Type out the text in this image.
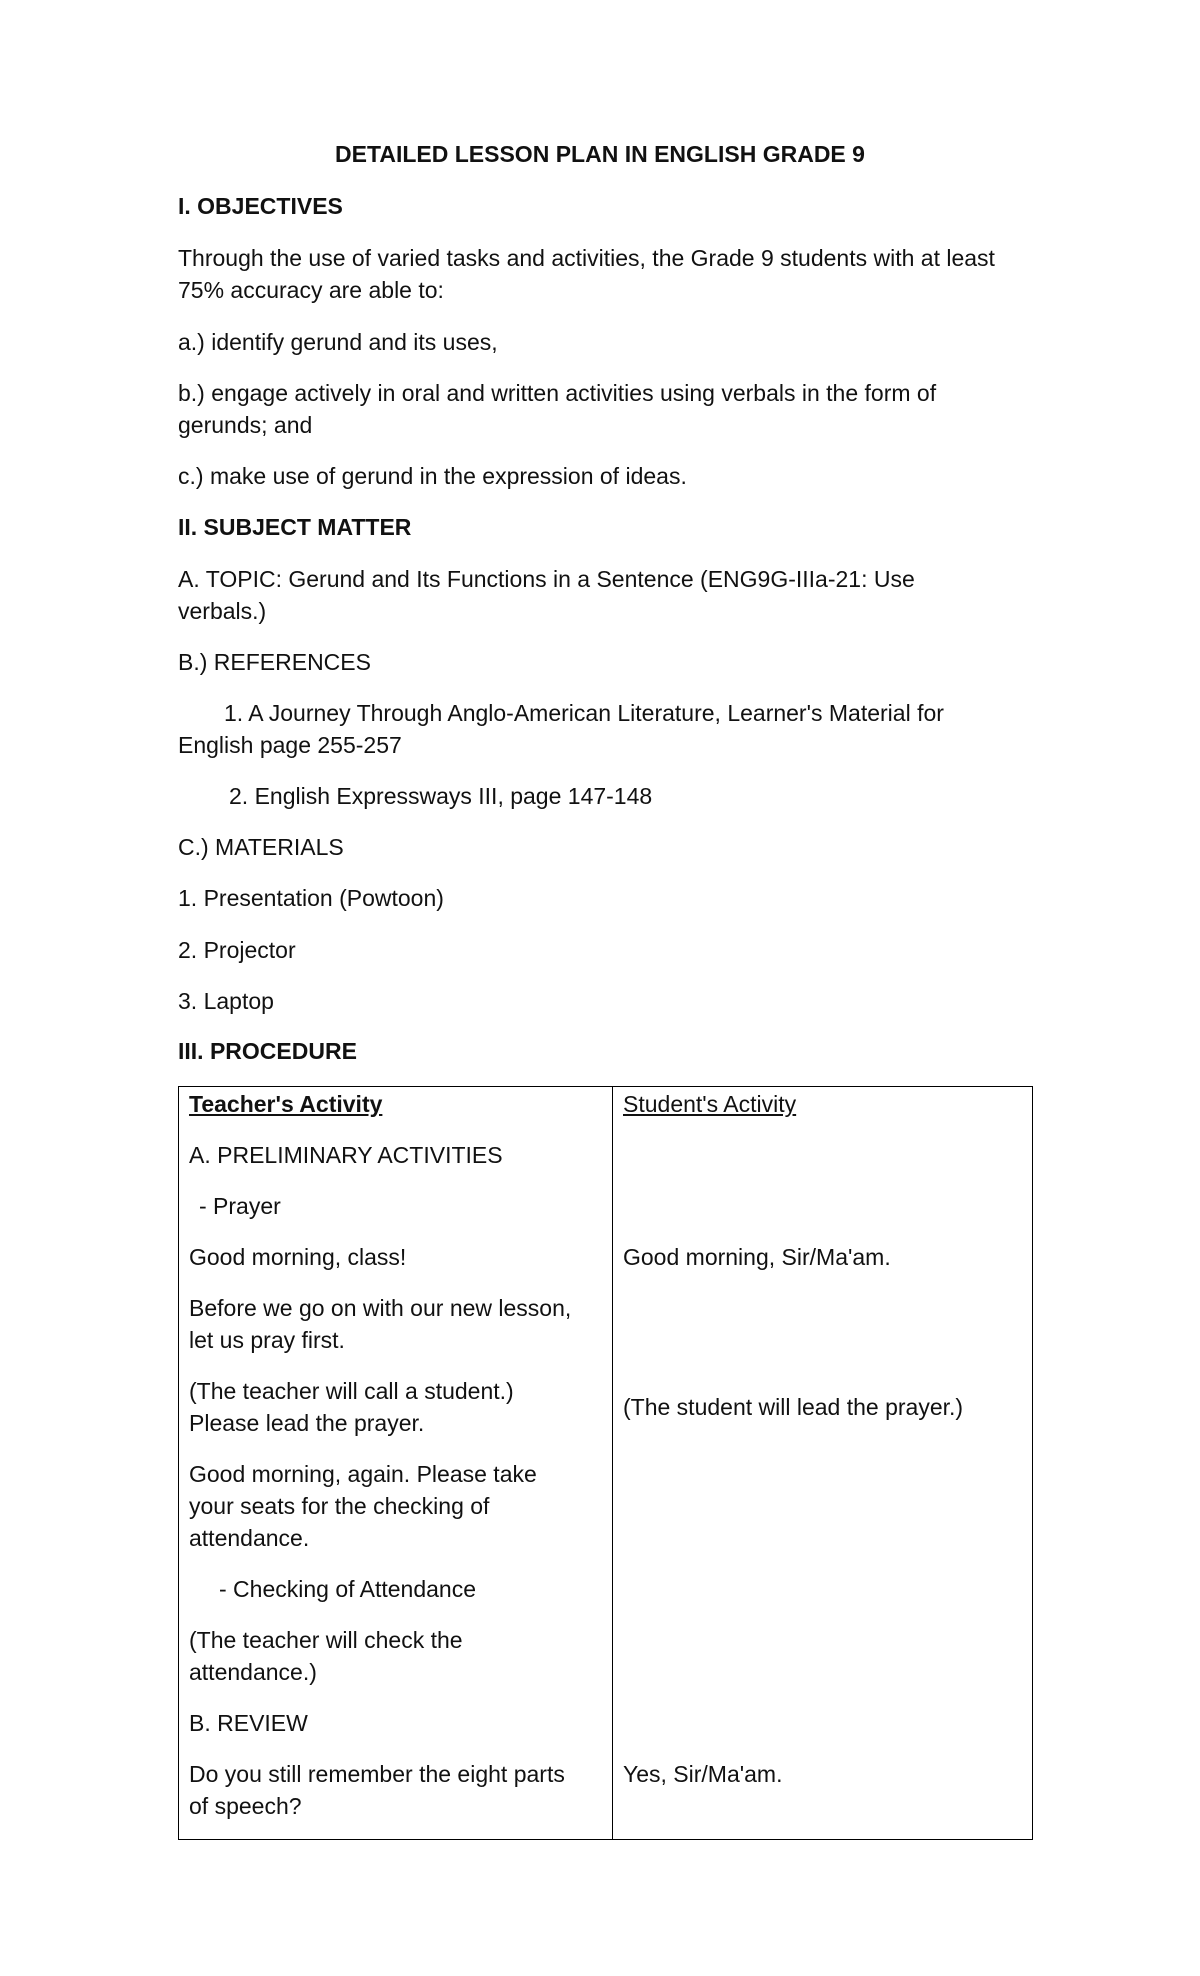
DETAILED LESSON PLAN IN ENGLISH GRADE 9

I. OBJECTIVES

Through the use of varied tasks and activities, the Grade 9 students with at least

75% accuracy are able to:

a.) identify gerund and its uses,

b.) engage actively in oral and written activities using verbals in the form of

gerunds; and

c.) make use of gerund in the expression of ideas.

II. SUBJECT MATTER

A. TOPIC: Gerund and Its Functions in a Sentence (ENG9G-IIIa-21: Use

verbals.)

B.) REFERENCES

1. A Journey Through Anglo-American Literature, Learner's Material for

English page 255-257

2. English Expressways III, page 147-148

C.) MATERIALS

1. Presentation (Powtoon)

2. Projector

3. Laptop

III. PROCEDURE

Teacher's Activity

A. PRELIMINARY ACTIVITIES

- Prayer

Good morning, class!

Before we go on with our new lesson,

let us pray first.

(The teacher will call a student.)

Please lead the prayer.

Good morning, again. Please take

your seats for the checking of

attendance.

- Checking of Attendance

(The teacher will check the

attendance.)

B. REVIEW

Do you still remember the eight parts

of speech?

Student's Activity

Good morning, Sir/Ma'am.

(The student will lead the prayer.)

Yes, Sir/Ma'am.
